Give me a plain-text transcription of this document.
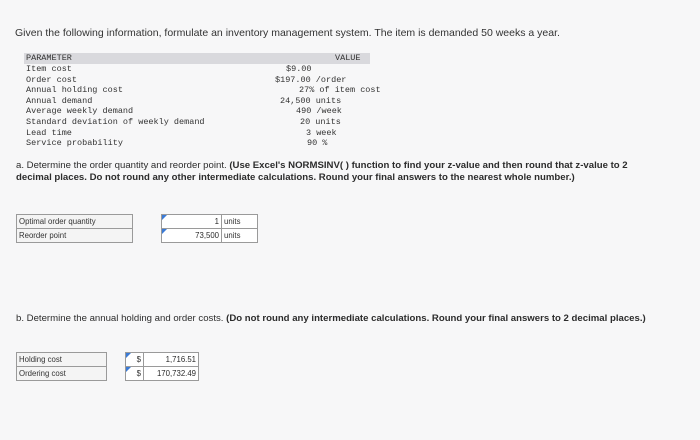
Given the following information, formulate an inventory management system. The item is demanded 50 weeks a year.
PARAMETER	VALUE
Item cost	$9.00
Order cost	$197.00 /order
Annual holding cost	27% of item cost
Annual demand	24,500 units
Average weekly demand	490 /week
Standard deviation of weekly demand	20 units
Lead time	3 week
Service probability	90 %
a. Determine the order quantity and reorder point. (Use Excel's NORMSINV( ) function to find your z-value and then round that z-value to 2 decimal places. Do not round any other intermediate calculations. Round your final answers to the nearest whole number.)
Optimal order quantity		1	units
Reorder point		73,500	units
b. Determine the annual holding and order costs. (Do not round any intermediate calculations. Round your final answers to 2 decimal places.)
Holding cost		$	1,716.51
Ordering cost		$	170,732.49
